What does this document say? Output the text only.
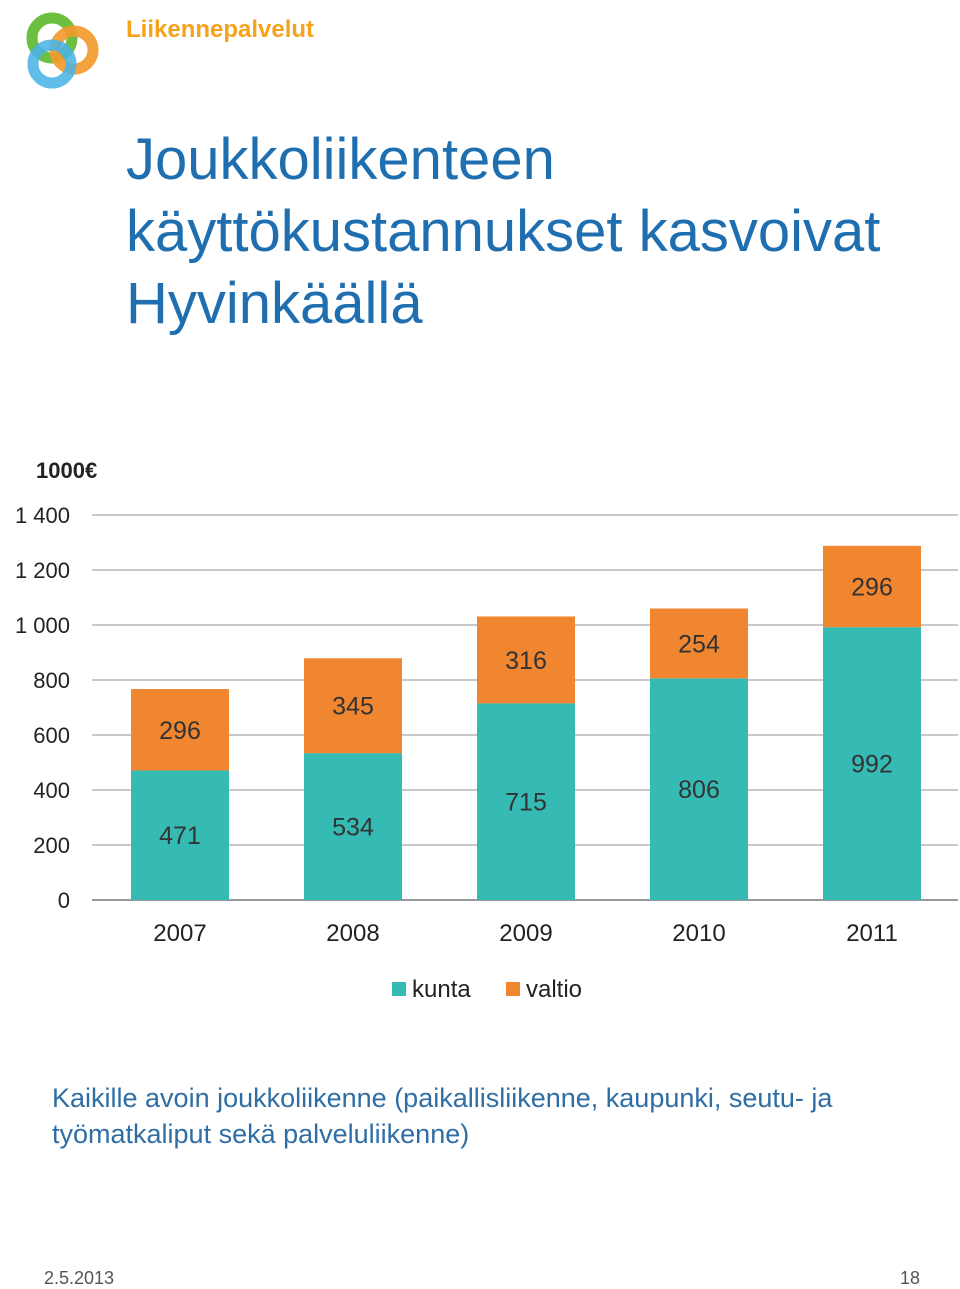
Liikennepalvelut
Joukkoliikenteen
käyttökustannukset kasvoivat
Hyvinkäällä
1000€
0
200
400
600
800
1 000
1 200
1 400
471
296
2007
534
345
2008
715
316
2009
806
254
2010
992
296
2011
kunta valtio
Kaikille avoin joukkoliikenne (paikallisliikenne, kaupunki, seutu- ja työmatkaliput sekä palveluliikenne)
2.5.2013	18
